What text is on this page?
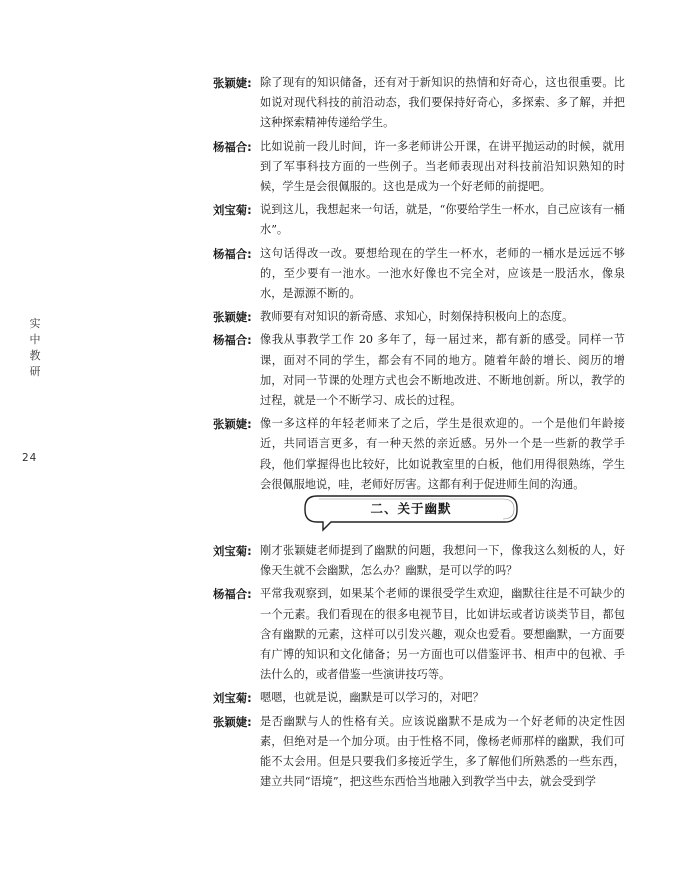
实
中
教
研
24
张颖婕: 除了现有的知识储备，还有对于新知识的热情和好奇心，这也很重要。比如说对现代科技的前沿动态，我们要保持好奇心，多探索、多了解，并把这种探索精神传递给学生。
杨福合: 比如说前一段儿时间，许一多老师讲公开课，在讲平抛运动的时候，就用到了军事科技方面的一些例子。当老师表现出对科技前沿知识熟知的时候，学生是会很佩服的。这也是成为一个好老师的前提吧。
刘宝菊: 说到这儿，我想起来一句话，就是，“你要给学生一杯水，自己应该有一桶水”。
杨福合: 这句话得改一改。要想给现在的学生一杯水，老师的一桶水是远远不够的，至少要有一池水。一池水好像也不完全对，应该是一股活水，像泉水，是源源不断的。
张颖婕: 教师要有对知识的新奇感、求知心，时刻保持积极向上的态度。
杨福合: 像我从事教学工作 20 多年了，每一届过来，都有新的感受。同样一节课，面对不同的学生，都会有不同的地方。随着年龄的增长、阅历的增加，对同一节课的处理方式也会不断地改进、不断地创新。所以，教学的过程，就是一个不断学习、成长的过程。
张颖婕: 像一多这样的年轻老师来了之后，学生是很欢迎的。一个是他们年龄接近，共同语言更多，有一种天然的亲近感。另外一个是一些新的教学手段，他们掌握得也比较好，比如说教室里的白板，他们用得很熟练，学生会很佩服地说，哇，老师好厉害。这都有利于促进师生间的沟通。
二、关于幽默
刘宝菊: 刚才张颖婕老师提到了幽默的问题，我想问一下，像我这么刻板的人，好像天生就不会幽默，怎么办？幽默，是可以学的吗？
杨福合: 平常我观察到，如果某个老师的课很受学生欢迎，幽默往往是不可缺少的一个元素。我们看现在的很多电视节目，比如讲坛或者访谈类节目，都包含有幽默的元素，这样可以引发兴趣，观众也爱看。要想幽默，一方面要有广博的知识和文化储备；另一方面也可以借鉴评书、相声中的包袱、手法什么的，或者借鉴一些演讲技巧等。
刘宝菊: 嗯嗯，也就是说，幽默是可以学习的，对吧？
张颖婕: 是否幽默与人的性格有关。应该说幽默不是成为一个好老师的决定性因素，但绝对是一个加分项。由于性格不同，像杨老师那样的幽默，我们可能不太会用。但是只要我们多接近学生，多了解他们所熟悉的一些东西，建立共同“语境”，把这些东西恰当地融入到教学当中去，就会受到学
